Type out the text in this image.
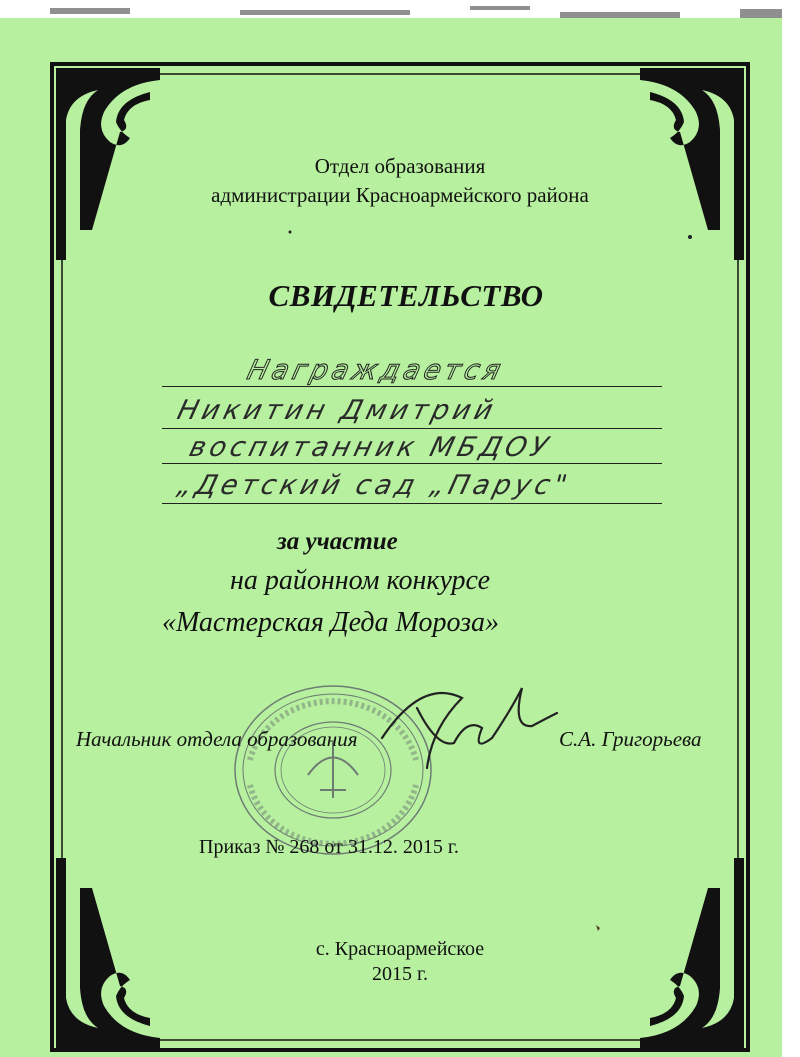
Отдел образования
администрации Красноармейского района
СВИДЕТЕЛЬСТВО
Награждается
Никитин Дмитрий
воспитанник МБДОУ
„Детский сад „Парус"
за участие
на районном конкурсе
«Мастерская Деда Мороза»
Начальник отдела образования	С.А. Григорьева
Приказ № 268 от 31.12. 2015 г.
с. Красноармейское
2015 г.
